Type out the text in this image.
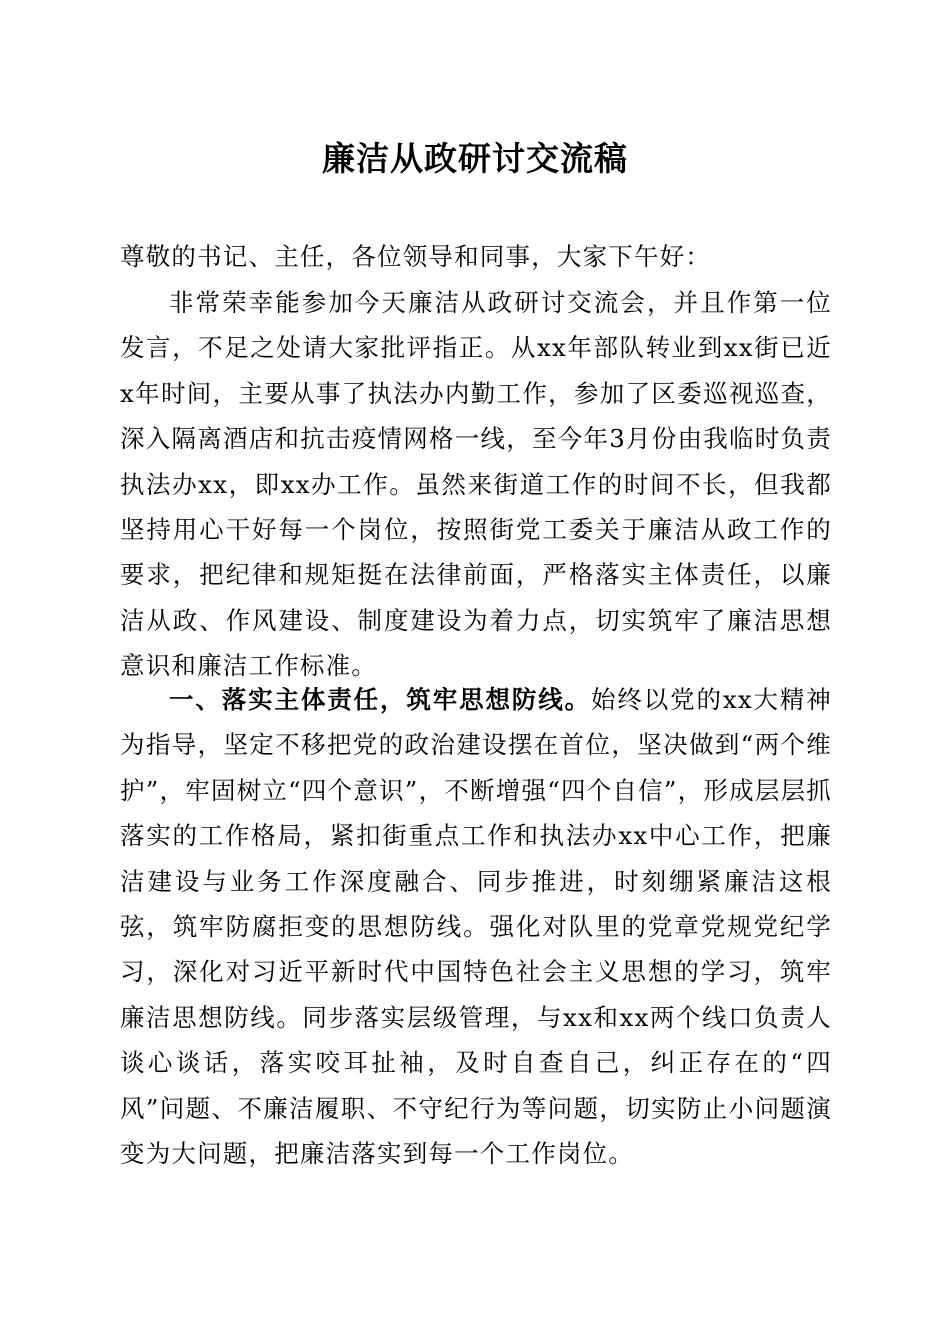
廉洁从政研讨交流稿

尊敬的书记、主任，各位领导和同事，大家下午好：

非常荣幸能参加今天廉洁从政研讨交流会，并且作第一位发言，不足之处请大家批评指正。从xx年部队转业到xx街已近x年时间，主要从事了执法办内勤工作，参加了区委巡视巡查，深入隔离酒店和抗击疫情网格一线，至今年3月份由我临时负责执法办xx，即xx办工作。虽然来街道工作的时间不长，但我都坚持用心干好每一个岗位，按照街党工委关于廉洁从政工作的要求，把纪律和规矩挺在法律前面，严格落实主体责任，以廉洁从政、作风建设、制度建设为着力点，切实筑牢了廉洁思想意识和廉洁工作标准。

一、落实主体责任，筑牢思想防线。始终以党的xx大精神为指导，坚定不移把党的政治建设摆在首位，坚决做到“两个维护”，牢固树立“四个意识”，不断增强“四个自信”，形成层层抓落实的工作格局，紧扣街重点工作和执法办xx中心工作，把廉洁建设与业务工作深度融合、同步推进，时刻绷紧廉洁这根弦，筑牢防腐拒变的思想防线。强化对队里的党章党规党纪学习，深化对习近平新时代中国特色社会主义思想的学习，筑牢廉洁思想防线。同步落实层级管理，与xx和xx两个线口负责人谈心谈话，落实咬耳扯袖，及时自查自己，纠正存在的“四风”问题、不廉洁履职、不守纪行为等问题，切实防止小问题演变为大问题，把廉洁落实到每一个工作岗位。
